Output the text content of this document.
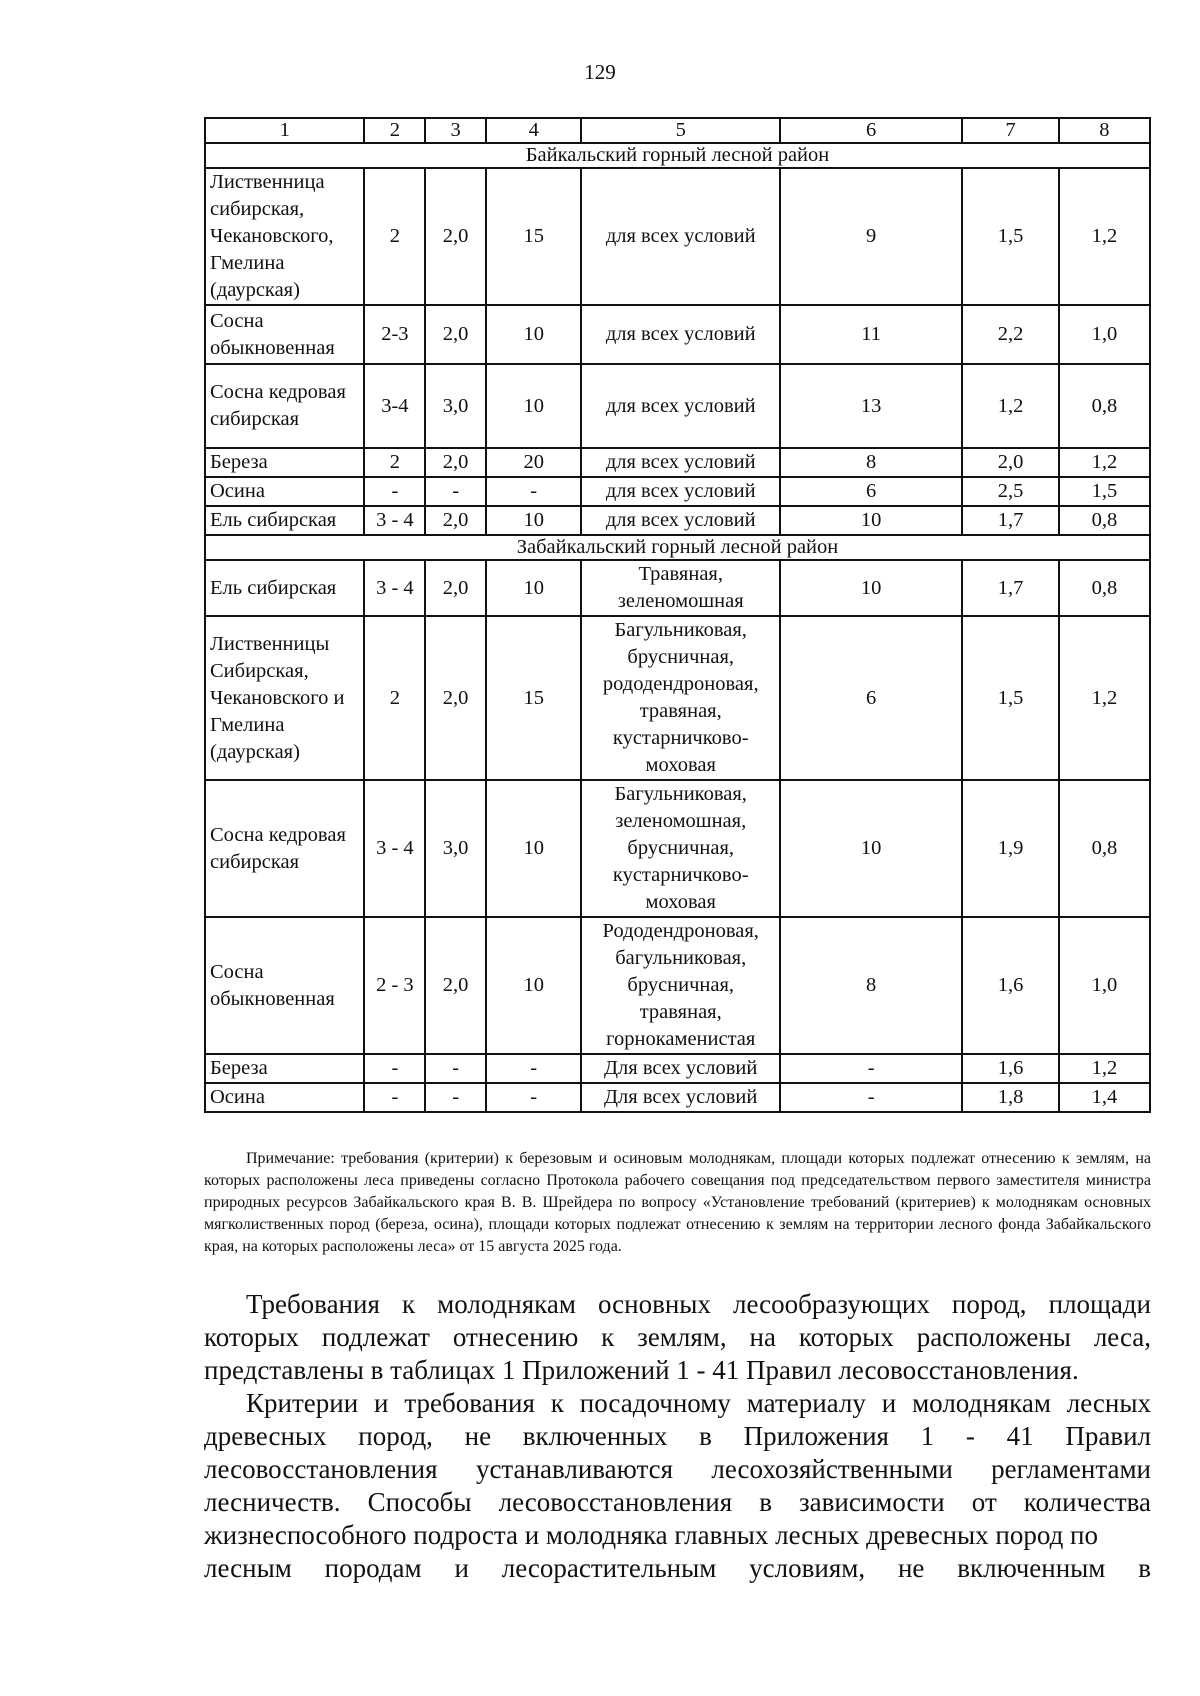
129
1	2	3	4	5	6	7	8
Байкальский горный лесной район							
Лиственница сибирская, Чекановского, Гмелина (даурская)	2	2,0	15	для всех условий	9	1,5	1,2
Сосна обыкновенная	2-3	2,0	10	для всех условий	11	2,2	1,0
Сосна кедровая сибирская	3-4	3,0	10	для всех условий	13	1,2	0,8
Береза	2	2,0	20	для всех условий	8	2,0	1,2
Осина	-	-	-	для всех условий	6	2,5	1,5
Ель сибирская	3 - 4	2,0	10	для всех условий	10	1,7	0,8
Забайкальский горный лесной район							
Ель сибирская	3 - 4	2,0	10	Травяная, зеленомошная	10	1,7	0,8
Лиственницы Сибирская, Чекановского и Гмелина (даурская)	2	2,0	15	Багульниковая, брусничная, рододендроновая, травяная, кустарничково-моховая	6	1,5	1,2
Сосна кедровая сибирская	3 - 4	3,0	10	Багульниковая, зеленомошная, брусничная, кустарничково-моховая	10	1,9	0,8
Сосна обыкновенная	2 - 3	2,0	10	Рододендроновая, багульниковая, брусничная, травяная, горнокаменистая	8	1,6	1,0
Береза	-	-	-	Для всех условий	-	1,6	1,2
Осина	-	-	-	Для всех условий	-	1,8	1,4
Примечание: требования (критерии) к березовым и осиновым молоднякам, площади которых подлежат отнесению к землям, на которых расположены леса приведены согласно Протокола рабочего совещания под председательством первого заместителя министра природных ресурсов Забайкальского края В. В. Шрейдера по вопросу «Установление требований (критериев) к молоднякам основных мягколиственных пород (береза, осина), площади которых подлежат отнесению к землям на территории лесного фонда Забайкальского края, на которых расположены леса» от 15 августа 2025 года.

Требования к молоднякам основных лесообразующих пород, площади которых подлежат отнесению к землям, на которых расположены леса, представлены в таблицах 1 Приложений 1 - 41 Правил лесовосстановления.

Критерии и требования к посадочному материалу и молоднякам лесных древесных пород, не включенных в Приложения 1 - 41 Правил лесовосстановления устанавливаются лесохозяйственными регламентами лесничеств. Способы лесовосстановления в зависимости от количества жизнеспособного подроста и молодняка главных лесных древесных пород по

лесным породам и лесорастительным условиям, не включенным в
